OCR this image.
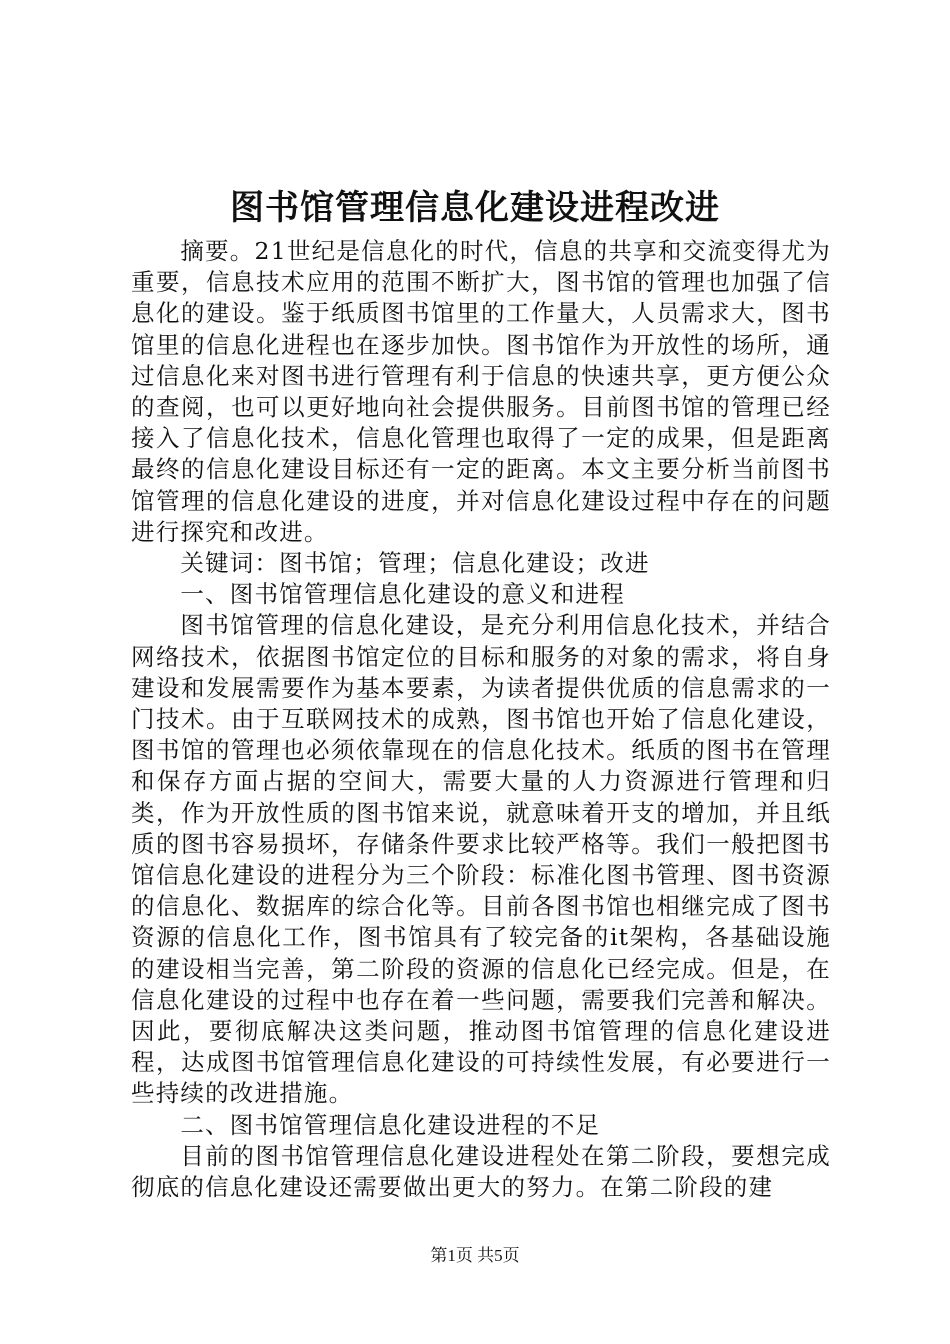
图书馆管理信息化建设进程改进

摘要。21世纪是信息化的时代，信息的共享和交流变得尤为重要，信息技术应用的范围不断扩大，图书馆的管理也加强了信息化的建设。鉴于纸质图书馆里的工作量大，人员需求大，图书馆里的信息化进程也在逐步加快。图书馆作为开放性的场所，通过信息化来对图书进行管理有利于信息的快速共享，更方便公众的查阅，也可以更好地向社会提供服务。目前图书馆的管理已经接入了信息化技术，信息化管理也取得了一定的成果，但是距离最终的信息化建设目标还有一定的距离。本文主要分析当前图书馆管理的信息化建设的进度，并对信息化建设过程中存在的问题进行探究和改进。

关键词：图书馆；管理；信息化建设；改进

一、图书馆管理信息化建设的意义和进程

图书馆管理的信息化建设，是充分利用信息化技术，并结合网络技术，依据图书馆定位的目标和服务的对象的需求，将自身建设和发展需要作为基本要素，为读者提供优质的信息需求的一门技术。由于互联网技术的成熟，图书馆也开始了信息化建设，图书馆的管理也必须依靠现在的信息化技术。纸质的图书在管理和保存方面占据的空间大，需要大量的人力资源进行管理和归类，作为开放性质的图书馆来说，就意味着开支的增加，并且纸质的图书容易损坏，存储条件要求比较严格等。我们一般把图书馆信息化建设的进程分为三个阶段：标准化图书管理、图书资源的信息化、数据库的综合化等。目前各图书馆也相继完成了图书资源的信息化工作，图书馆具有了较完备的it架构，各基础设施的建设相当完善，第二阶段的资源的信息化已经完成。但是，在信息化建设的过程中也存在着一些问题，需要我们完善和解决。因此，要彻底解决这类问题，推动图书馆管理的信息化建设进程，达成图书馆管理信息化建设的可持续性发展，有必要进行一些持续的改进措施。

二、图书馆管理信息化建设进程的不足

目前的图书馆管理信息化建设进程处在第二阶段，要想完成彻底的信息化建设还需要做出更大的努力。在第二阶段的建

第1页 共5页
